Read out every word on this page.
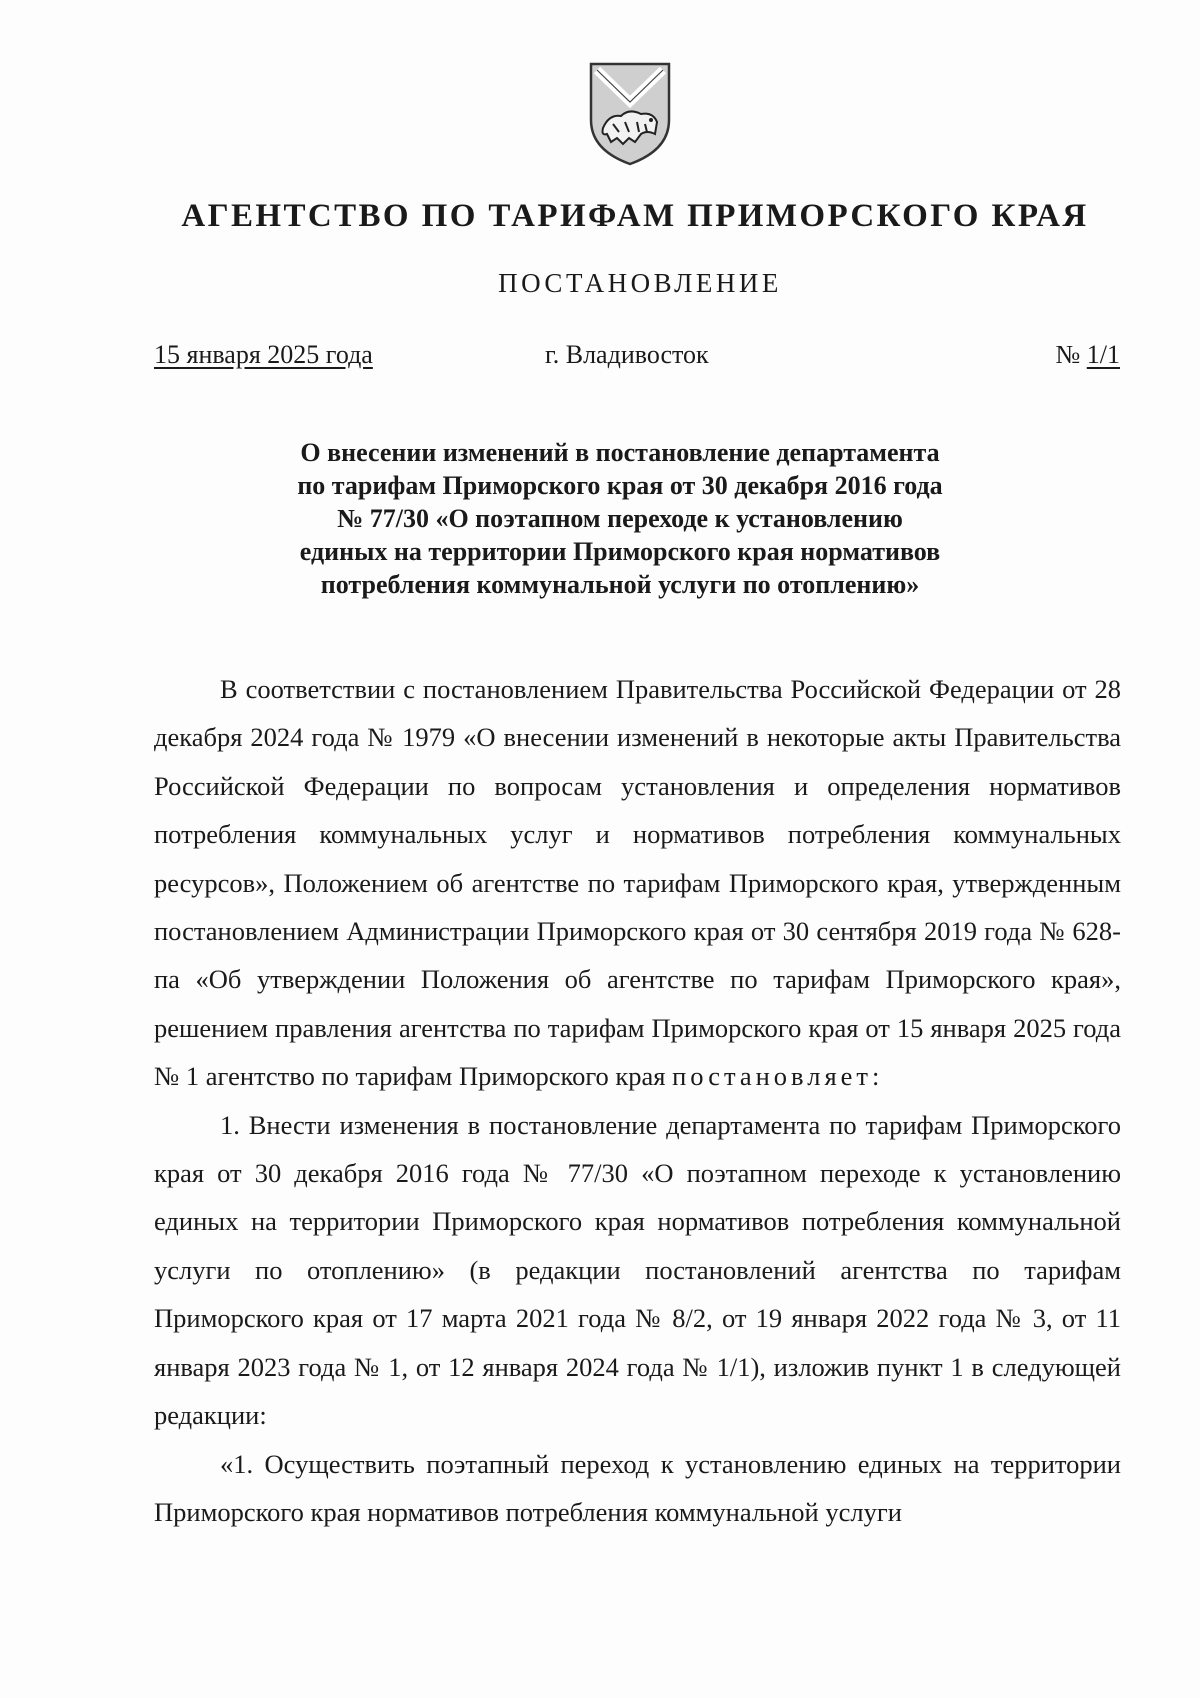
АГЕНТСТВО ПО ТАРИФАМ ПРИМОРСКОГО КРАЯ
ПОСТАНОВЛЕНИЕ
15 января 2025 года	г. Владивосток	№ 1/1
О внесении изменений в постановление департамента
по тарифам Приморского края от 30 декабря 2016 года
№ 77/30 «О поэтапном переходе к установлению
единых на территории Приморского края нормативов
потребления коммунальной услуги по отоплению»

В соответствии с постановлением Правительства Российской Федерации от 28 декабря 2024 года № 1979 «О внесении изменений в некоторые акты Правительства Российской Федерации по вопросам установления и определения нормативов потребления коммунальных услуг и нормативов потребления коммунальных ресурсов», Положением об агентстве по тарифам Приморского края, утвержденным постановлением Администрации Приморского края от 30 сентября 2019 года № 628-па «Об утверждении Положения об агентстве по тарифам Приморского края», решением правления агентства по тарифам Приморского края от 15 января 2025 года № 1 агентство по тарифам Приморского края постановляет:

1. Внести изменения в постановление департамента по тарифам Приморского края от 30 декабря 2016 года № 77/30 «О поэтапном переходе к установлению единых на территории Приморского края нормативов потребления коммунальной услуги по отоплению» (в редакции постановлений агентства по тарифам Приморского края от 17 марта 2021 года № 8/2, от 19 января 2022 года № 3, от 11 января 2023 года № 1, от 12 января 2024 года № 1/1), изложив пункт 1 в следующей редакции:

«1. Осуществить поэтапный переход к установлению единых на территории Приморского края нормативов потребления коммунальной услуги
